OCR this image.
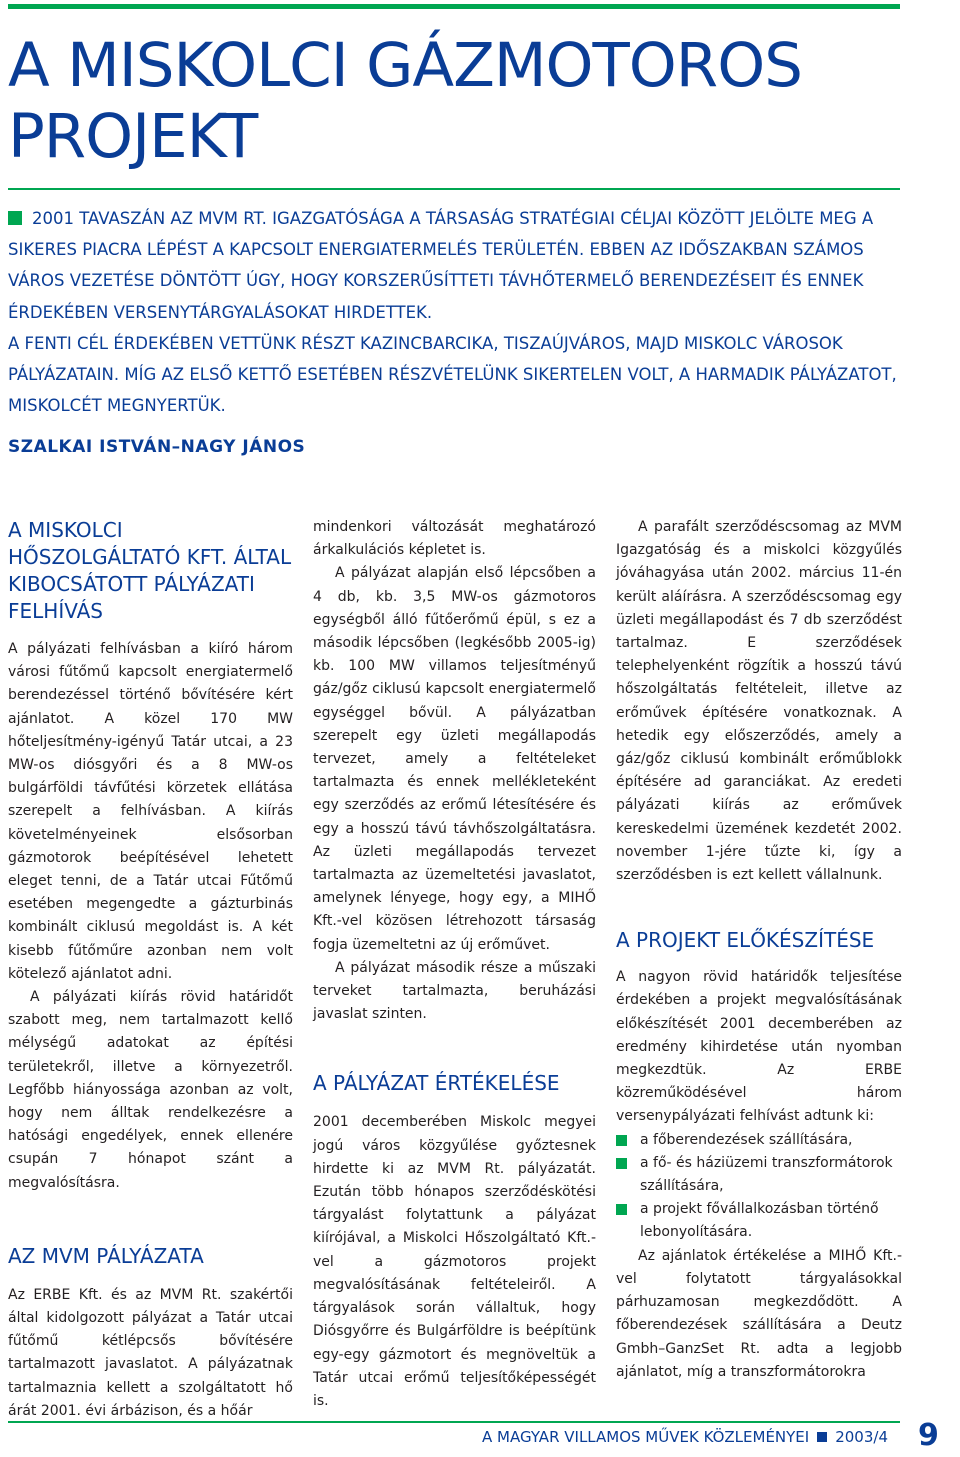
A MISKOLCI GÁZMOTOROS PROJEKT

2001 TAVASZÁN AZ MVM RT. IGAZGATÓSÁGA A TÁRSASÁG STRATÉGIAI CÉLJAI KÖZÖTT JELÖLTE MEG A SIKERES PIACRA LÉPÉST A KAPCSOLT ENERGIATERMELÉS TERÜLETÉN. EBBEN AZ IDŐSZAKBAN SZÁMOS VÁROS VEZETÉSE DÖNTÖTT ÚGY, HOGY KORSZERŰSÍTTETI TÁVHŐTERMELŐ BERENDEZÉSEIT ÉS ENNEK ÉRDEKÉBEN VERSENYTÁRGYALÁSOKAT HIRDETTEK.

A FENTI CÉL ÉRDEKÉBEN VETTÜNK RÉSZT KAZINCBARCIKA, TISZAÚJVÁROS, MAJD MISKOLC VÁROSOK PÁLYÁZATAIN. MÍG AZ ELSŐ KETTŐ ESETÉBEN RÉSZVÉTELÜNK SIKERTELEN VOLT, A HARMADIK PÁLYÁZATOT, MISKOLCÉT MEGNYERTÜK.

SZALKAI ISTVÁN–NAGY JÁNOS
A MISKOLCI HŐSZOLGÁLTATÓ KFT. ÁLTAL KIBOCSÁTOTT PÁLYÁZATI FELHÍVÁS

A pályázati felhívásban a kiíró három városi fűtőmű kapcsolt energiatermelő berendezéssel történő bővítésére kért ajánlatot. A közel 170 MW hőteljesítmény-igényű Tatár utcai, a 23 MW-os diósgyőri és a 8 MW-os bulgárföldi távfűtési körzetek ellátása szerepelt a felhívásban. A kiírás követelményeinek elsősorban gázmotorok beépítésével lehetett eleget tenni, de a Tatár utcai Fűtőmű esetében megengedte a gázturbinás kombinált ciklusú megoldást is. A két kisebb fűtőműre azonban nem volt kötelező ajánlatot adni.

A pályázati kiírás rövid határidőt szabott meg, nem tartalmazott kellő mélységű adatokat az építési területekről, illetve a környezetről. Legfőbb hiányossága azonban az volt, hogy nem álltak rendelkezésre a hatósági engedélyek, ennek ellenére csupán 7 hónapot szánt a megvalósításra.

AZ MVM PÁLYÁZATA

Az ERBE Kft. és az MVM Rt. szakértői által kidolgozott pályázat a Tatár utcai fűtőmű kétlépcsős bővítésére tartalmazott javaslatot. A pályázatnak tartalmaznia kellett a szolgáltatott hő árát 2001. évi árbázison, és a hőár

mindenkori változását meghatározó árkalkulációs képletet is.

A pályázat alapján első lépcsőben a 4 db, kb. 3,5 MW-os gázmotoros egységből álló fűtőerőmű épül, s ez a második lépcsőben (legkésőbb 2005-ig) kb. 100 MW villamos teljesítményű gáz/gőz ciklusú kapcsolt energiatermelő egységgel bővül. A pályázatban szerepelt egy üzleti megállapodás tervezet, amely a feltételeket tartalmazta és ennek mellékleteként egy szerződés az erőmű létesítésére és egy a hosszú távú távhőszolgáltatásra. Az üzleti megállapodás tervezet tartalmazta az üzemeltetési javaslatot, amelynek lényege, hogy egy, a MIHŐ Kft.-vel közösen létrehozott társaság fogja üzemeltetni az új erőművet.

A pályázat második része a műszaki terveket tartalmazta, beruházási javaslat szinten.

A PÁLYÁZAT ÉRTÉKELÉSE

2001 decemberében Miskolc megyei jogú város közgyűlése győztesnek hirdette ki az MVM Rt. pályázatát. Ezután több hónapos szerződéskötési tárgyalást folytattunk a pályázat kiírójával, a Miskolci Hőszolgáltató Kft.-vel a gázmotoros projekt megvalósításának feltételeiről. A tárgyalások során vállaltuk, hogy Diósgyőrre és Bulgárföldre is beépítünk egy-egy gázmotort és megnöveltük a Tatár utcai erőmű teljesítőképességét is.

A parafált szerződéscsomag az MVM Igazgatóság és a miskolci közgyűlés jóváhagyása után 2002. március 11-én került aláírásra. A szerződéscsomag egy üzleti megállapodást és 7 db szerződést tartalmaz. E szerződések telephelyenként rögzítik a hosszú távú hőszolgáltatás feltételeit, illetve az erőművek építésére vonatkoznak. A hetedik egy előszerződés, amely a gáz/gőz ciklusú kombinált erőműblokk építésére ad garanciákat. Az eredeti pályázati kiírás az erőművek kereskedelmi üzemének kezdetét 2002. november 1-jére tűzte ki, így a szerződésben is ezt kellett vállalnunk.

A PROJEKT ELŐKÉSZÍTÉSE

A nagyon rövid határidők teljesítése érdekében a projekt megvalósításának előkészítését 2001 decemberében az eredmény kihirdetése után nyomban megkezdtük. Az ERBE közreműködésével három versenypályázati felhívást adtunk ki:

a főberendezések szállítására,
a fő- és háziüzemi transzformátorok szállítására,
a projekt fővállalkozásban történő lebonyolítására.

Az ajánlatok értékelése a MIHŐ Kft.-vel folytatott tárgyalásokkal párhuzamosan megkezdődött. A főberendezések szállítására a Deutz Gmbh–GanzSet Rt. adta a legjobb ajánlatot, míg a transzformátorokra

A MAGYAR VILLAMOS MŰVEK KÖZLEMÉNYEI 2003/4 9
